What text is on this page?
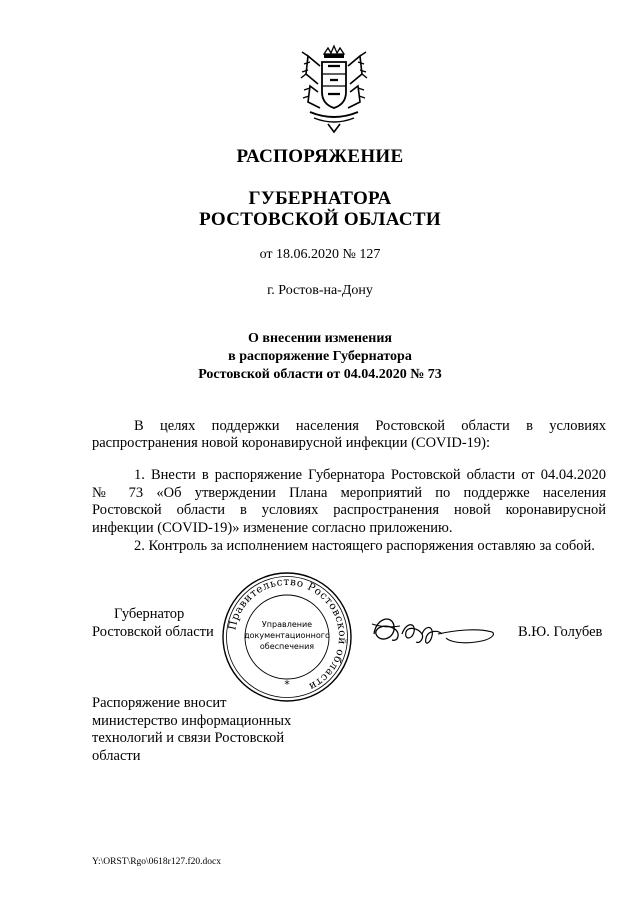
РАСПОРЯЖЕНИЕ
ГУБЕРНАТОРА
РОСТОВСКОЙ ОБЛАСТИ
от 18.06.2020 № 127
г. Ростов-на-Дону
О внесении изменения
в распоряжение Губернатора
Ростовской области от 04.04.2020 № 73
В целях поддержки населения Ростовской области в условиях
распространения новой коронавирусной инфекции (COVID-19):
1. Внести в распоряжение Губернатора Ростовской области от 04.04.2020
№ 73 «Об утверждении Плана мероприятий по поддержке населения
Ростовской области в условиях распространения новой коронавирусной
инфекции (COVID-19)» изменение согласно приложению.
2. Контроль за исполнением настоящего распоряжения оставляю за собой.
Губернатор
Ростовской области Правительство Ростовской области
Управление
документационного
обеспечения
*
В.Ю. Голубев
Распоряжение вносит
министерство информационных
технологий и связи Ростовской
области
Y:\ORST\Rgo\0618r127.f20.docx
